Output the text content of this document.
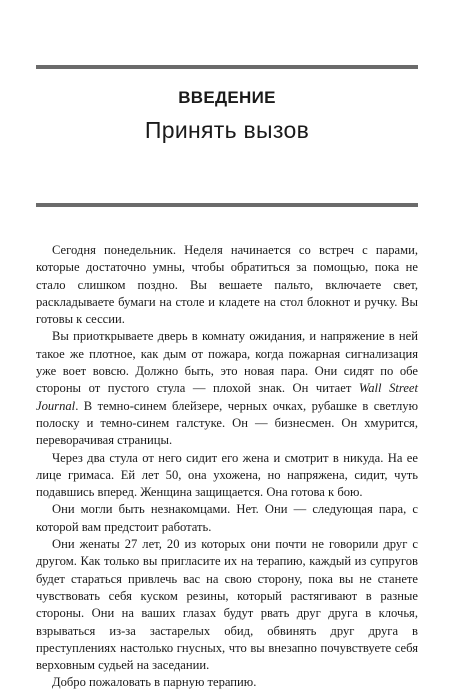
ВВЕДЕНИЕ
Принять вызов

Сегодня понедельник. Неделя начинается со встреч с парами, которые достаточно умны, чтобы обратиться за помощью, пока не стало слишком поздно. Вы вешаете пальто, включаете свет, раскладываете бумаги на столе и кладете на стол блокнот и ручку. Вы готовы к сессии.

Вы приоткрываете дверь в комнату ожидания, и напряжение в ней такое же плотное, как дым от пожара, когда пожарная сигнализация уже воет вовсю. Должно быть, это новая пара. Они сидят по обе стороны от пустого стула — плохой знак. Он читает Wall Street Journal. В темно-синем блейзере, черных очках, рубашке в светлую полоску и темно-синем галстуке. Он — бизнесмен. Он хмурится, переворачивая страницы.

Через два стула от него сидит его жена и смотрит в никуда. На ее лице гримаса. Ей лет 50, она ухожена, но напряжена, сидит, чуть подавшись вперед. Женщина защищается. Она готова к бою.

Они могли быть незнакомцами. Нет. Они — следующая пара, с которой вам предстоит работать.

Они женаты 27 лет, 20 из которых они почти не говорили друг с другом. Как только вы пригласите их на терапию, каждый из супругов будет стараться привлечь вас на свою сторону, пока вы не станете чувствовать себя куском резины, который растягивают в разные стороны. Они на ваших глазах будут рвать друг друга в клочья, взрываться из-за застарелых обид, обвинять друг друга в преступлениях настолько гнусных, что вы внезапно почувствуете себя верховным судьей на заседании.

Добро пожаловать в парную терапию.
